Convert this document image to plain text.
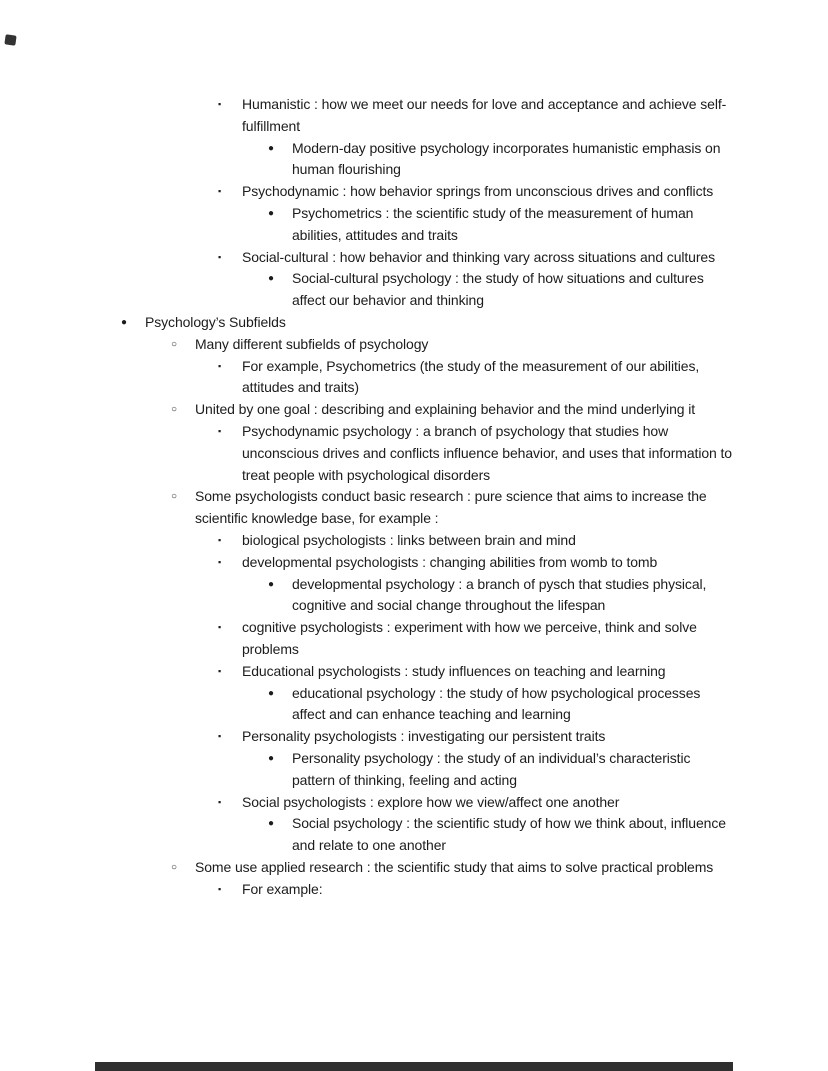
▪	Humanistic : how we meet our needs for love and acceptance and achieve self-fulfillment
●	Modern-day positive psychology incorporates humanistic emphasis on human flourishing
▪	Psychodynamic : how behavior springs from unconscious drives and conflicts
●	Psychometrics : the scientific study of the measurement of human abilities, attitudes and traits
▪	Social-cultural : how behavior and thinking vary across situations and cultures
●	Social-cultural psychology : the study of how situations and cultures affect our behavior and thinking
●	Psychology’s Subfields
○	Many different subfields of psychology
▪	For example, Psychometrics (the study of the measurement of our abilities, attitudes and traits)
○	United by one goal : describing and explaining behavior and the mind underlying it
▪	Psychodynamic psychology : a branch of psychology that studies how unconscious drives and conflicts influence behavior, and uses that information to treat people with psychological disorders
○	Some psychologists conduct basic research : pure science that aims to increase the scientific knowledge base, for example :
▪	biological psychologists : links between brain and mind
▪	developmental psychologists : changing abilities from womb to tomb
●	developmental psychology : a branch of pysch that studies physical, cognitive and social change throughout the lifespan
▪	cognitive psychologists : experiment with how we perceive, think and solve problems
▪	Educational psychologists : study influences on teaching and learning
●	educational psychology : the study of how psychological processes affect and can enhance teaching and learning
▪	Personality psychologists : investigating our persistent traits
●	Personality psychology : the study of an individual’s characteristic pattern of thinking, feeling and acting
▪	Social psychologists : explore how we view/affect one another
●	Social psychology : the scientific study of how we think about, influence and relate to one another
○	Some use applied research : the scientific study that aims to solve practical problems
▪	For example:
